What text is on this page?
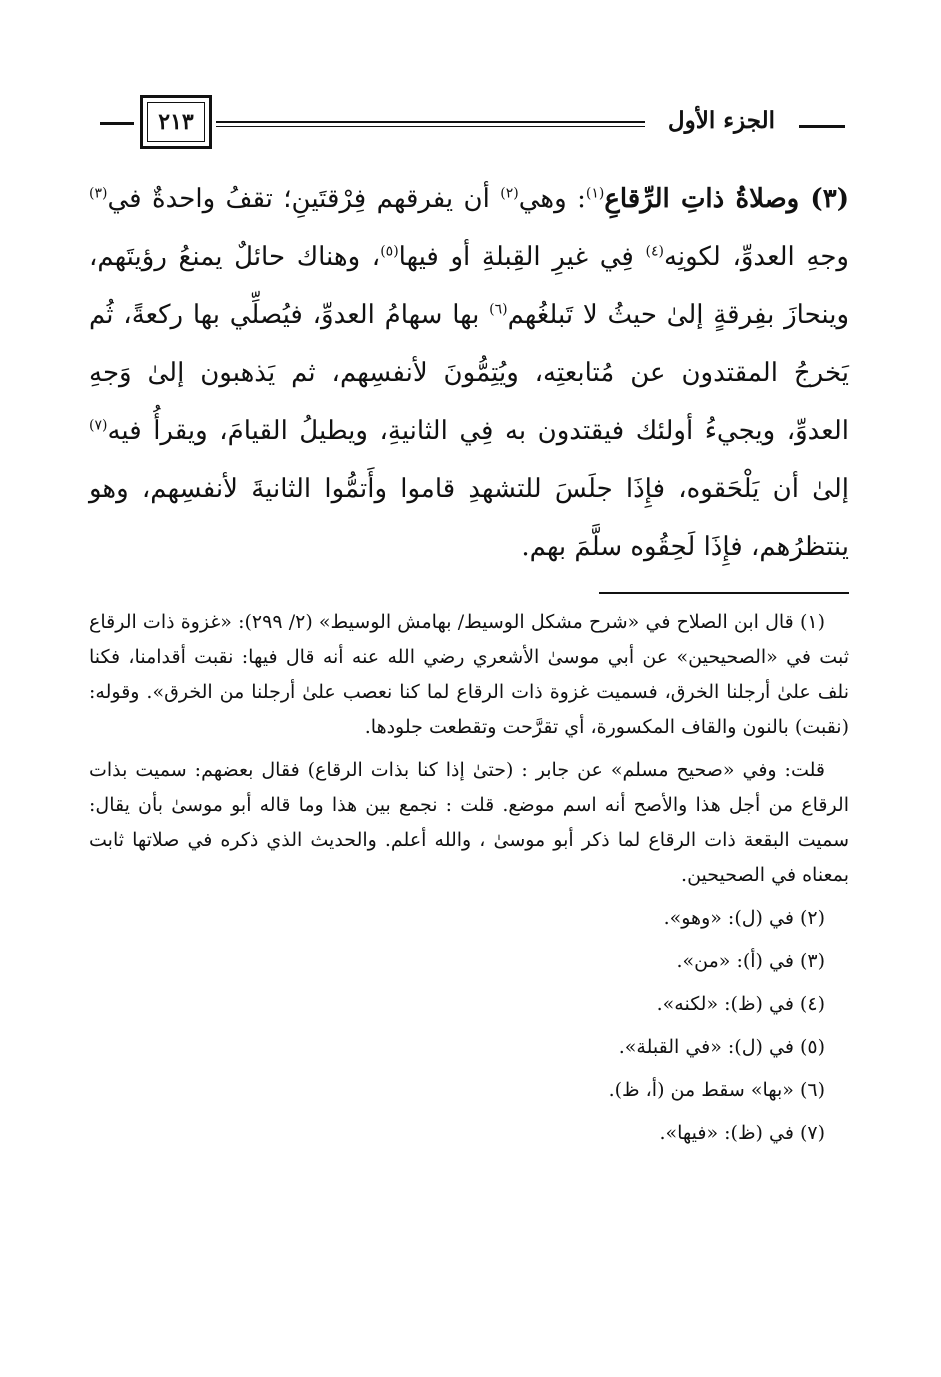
الجزء الأول
٢١٣

(٣) وصلاةُ ذاتِ الرِّقاعِ$^{(١)}$: وهي$^{(٢)}$ أن يفرقهم فِرْقتَينِ؛ تقفُ واحدةٌ في$^{(٣)}$ وجهِ العدوِّ، لكونِه$^{(٤)}$ فِي غيرِ القِبلةِ أو فيها$^{(٥)}$، وهناك حائلٌ يمنعُ رؤيتَهم، وينحازَ بفِرقةٍ إلىٰ حيثُ لا تَبلغُهم$^{(٦)}$ بها سهامُ العدوِّ، فيُصلِّي بها ركعةً، ثُم يَخرجُ المقتدون عن مُتابعتِه، ويُتِمُّونَ لأنفسِهم، ثم يَذهبون إلىٰ وَجهِ العدوِّ، ويجيءُ أولئك فيقتدون به فِي الثانيةِ، ويطيلُ القيامَ، ويقرأُ فيه$^{(٧)}$ إلىٰ أن يَلْحَقوه، فإِذَا جلَسَ للتشهدِ قاموا وأَتمُّوا الثانيةَ لأنفسِهم، وهو ينتظرُهم، فإِذَا لَحِقُوه سلَّمَ بهم.

(١) قال ابن الصلاح في «شرح مشكل الوسيط/ بهامش الوسيط» (٢/ ٢٩٩): «غزوة ذات الرقاع ثبت في «الصحيحين» عن أبي موسىٰ الأشعري رضي الله عنه أنه قال فيها: نقبت أقدامنا، فكنا نلف علىٰ أرجلنا الخرق، فسميت غزوة ذات الرقاع لما كنا نعصب علىٰ أرجلنا من الخرق». وقوله: (نقبت) بالنون والقاف المكسورة، أي تقرَّحت وتقطعت جلودها.

قلت: وفي «صحيح مسلم» عن جابر : (حتىٰ إذا كنا بذات الرقاع) فقال بعضهم: سميت بذات الرقاع من أجل هذا والأصح أنه اسم موضع. قلت : نجمع بين هذا وما قاله أبو موسىٰ بأن يقال: سميت البقعة ذات الرقاع لما ذكر أبو موسىٰ ، والله أعلم. والحديث الذي ذكره في صلاتها ثابت بمعناه في الصحيحين.

(٢) في (ل): «وهو».

(٣) في (أ): «من».

(٤) في (ظ): «لكنه».

(٥) في (ل): «في القبلة».

(٦) «بها» سقط من (أ، ظ).

(٧) في (ظ): «فيها».
